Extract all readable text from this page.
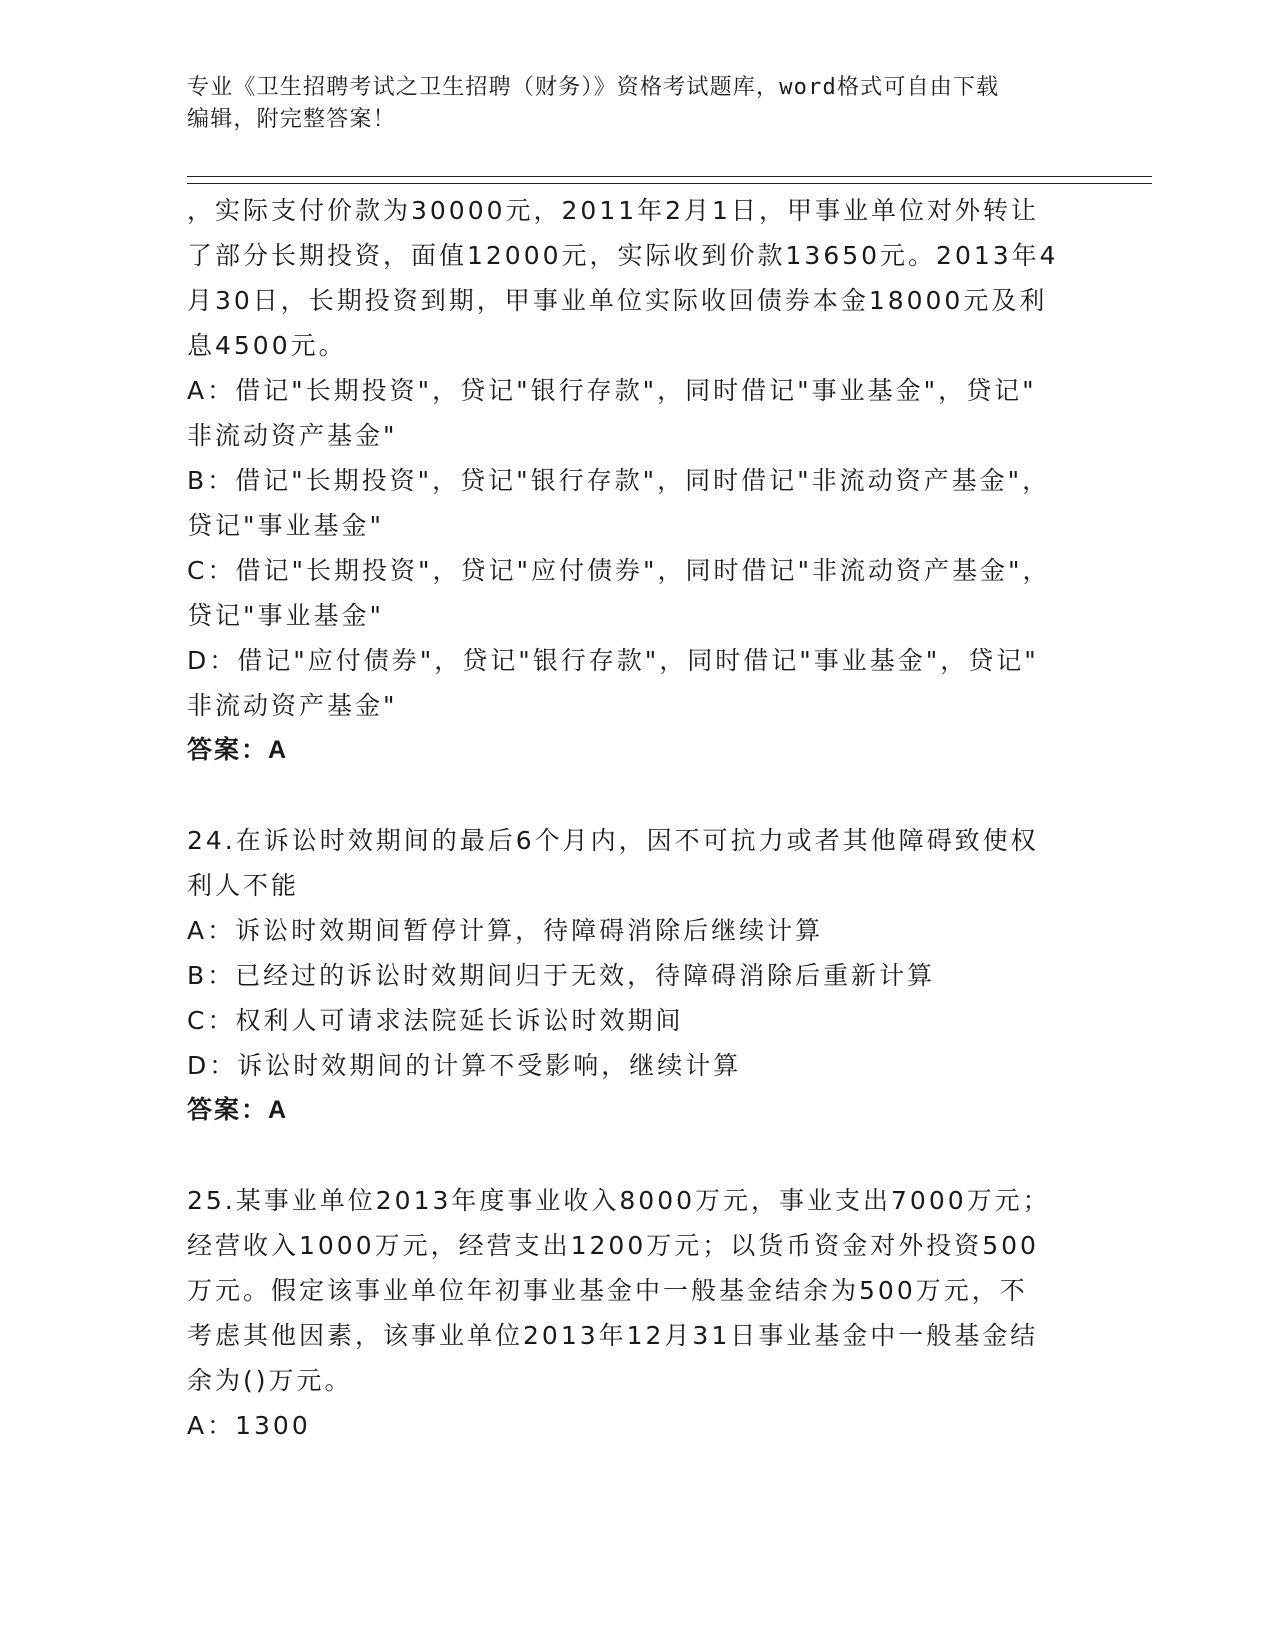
专业《卫生招聘考试之卫生招聘（财务）》资格考试题库，word格式可自由下载
编辑，附完整答案！
，实际支付价款为30000元，2011年2月1日，甲事业单位对外转让
了部分长期投资，面值12000元，实际收到价款13650元。2013年4
月30日，长期投资到期，甲事业单位实际收回债券本金18000元及利
息4500元。
A：借记"长期投资"，贷记"银行存款"，同时借记"事业基金"，贷记"
非流动资产基金"
B：借记"长期投资"，贷记"银行存款"，同时借记"非流动资产基金"，
贷记"事业基金"
C：借记"长期投资"，贷记"应付债券"，同时借记"非流动资产基金"，
贷记"事业基金"
D：借记"应付债券"，贷记"银行存款"，同时借记"事业基金"，贷记"
非流动资产基金"
答案：A
24.在诉讼时效期间的最后6个月内，因不可抗力或者其他障碍致使权
利人不能
A：诉讼时效期间暂停计算，待障碍消除后继续计算
B：已经过的诉讼时效期间归于无效，待障碍消除后重新计算
C：权利人可请求法院延长诉讼时效期间
D：诉讼时效期间的计算不受影响，继续计算
答案：A
25.某事业单位2013年度事业收入8000万元，事业支出7000万元；
经营收入1000万元，经营支出1200万元；以货币资金对外投资500
万元。假定该事业单位年初事业基金中一般基金结余为500万元，不
考虑其他因素，该事业单位2013年12月31日事业基金中一般基金结
余为()万元。
A：1300
